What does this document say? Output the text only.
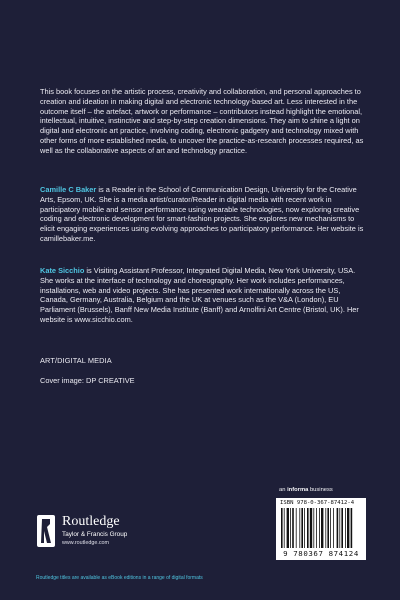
This book focuses on the artistic process, creativity and collaboration, and personal approaches to creation and ideation in making digital and electronic technology-based art. Less interested in the outcome itself – the artefact, artwork or performance – contributors instead highlight the emotional, intellectual, intuitive, instinctive and step-by-step creation dimensions. They aim to shine a light on digital and electronic art practice, involving coding, electronic gadgetry and technology mixed with other forms of more established media, to uncover the practice-as-research processes required, as well as the collaborative aspects of art and technology practice.

Camille C Baker is a Reader in the School of Communication Design, University for the Creative Arts, Epsom, UK. She is a media artist/curator/Reader in digital media with recent work in participatory mobile and sensor performance using wearable technologies, now exploring creative coding and electronic development for smart-fashion projects. She explores new mechanisms to elicit engaging experiences using evolving approaches to participatory performance. Her website is camillebaker.me.

Kate Sicchio is Visiting Assistant Professor, Integrated Digital Media, New York University, USA. She works at the interface of technology and choreography. Her work includes performances, installations, web and video projects. She has presented work internationally across the US, Canada, Germany, Australia, Belgium and the UK at venues such as the V&A (London), EU Parliament (Brussels), Banff New Media Institute (Banff) and Arnolfini Art Centre (Bristol, UK). Her website is www.sicchio.com.

ART/DIGITAL MEDIA
Cover image: DP CREATIVE
an informa business
ISBN 978-0-367-87412-4
9 780367 874124
Routledge
Taylor & Francis Group
www.routledge.com
Routledge titles are available as eBook editions in a range of digital formats
